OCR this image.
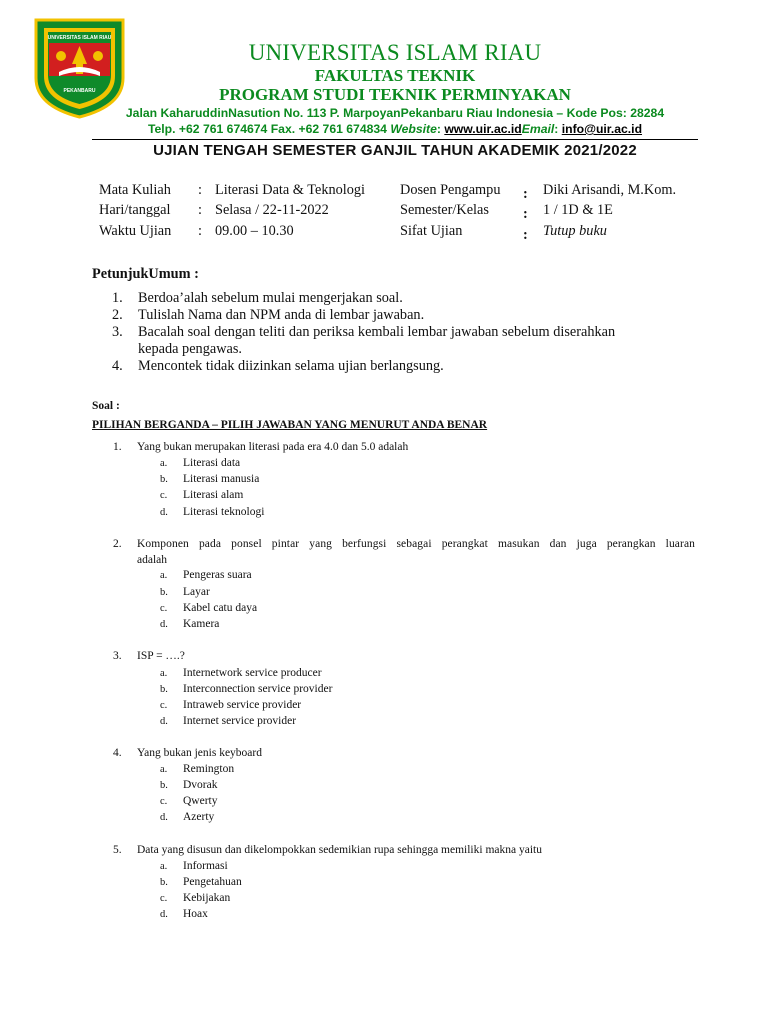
UNIVERSITAS ISLAM RIAU
PEKANBARU
UNIVERSITAS ISLAM RIAU
FAKULTAS TEKNIK
PROGRAM STUDI TEKNIK PERMINYAKAN
Jalan KaharuddinNasution No. 113 P. MarpoyanPekanbaru Riau Indonesia – Kode Pos: 28284
Telp. +62 761 674674 Fax. +62 761 674834 Website: www.uir.ac.idEmail: info@uir.ac.id
UJIAN TENGAH SEMESTER GANJIL TAHUN AKADEMIK 2021/2022
Mata Kuliah : Literasi Data & Teknologi
Hari/tanggal : Selasa / 22-11-2022
Waktu Ujian : 09.00 – 10.30
Dosen Pengampu : Diki Arisandi, M.Kom.
Semester/Kelas : 1 / 1D & 1E
Sifat Ujian	: Tutup buku
PetunjukUmum :
1. Berdoa’alah sebelum mulai mengerjakan soal.
2. Tulislah Nama dan NPM anda di lembar jawaban.
3. Bacalah soal dengan teliti dan periksa kembali lembar jawaban sebelum diserahkan
kepada pengawas.
4. Mencontek tidak diizinkan selama ujian berlangsung.
Soal :
PILIHAN BERGANDA – PILIH JAWABAN YANG MENURUT ANDA BENAR
1. Yang bukan merupakan literasi pada era 4.0 dan 5.0 adalah
a. Literasi data
b. Literasi manusia
c. Literasi alam
d. Literasi teknologi
2. Komponen pada ponsel pintar yang berfungsi sebagai perangkat masukan dan juga perangkan luaran
adalah
a. Pengeras suara
b. Layar
c. Kabel catu daya
d. Kamera
3. ISP = ….?
a. Internetwork service producer
b. Interconnection service provider
c. Intraweb service provider
d. Internet service provider
4. Yang bukan jenis keyboard
a. Remington
b. Dvorak
c. Qwerty
d. Azerty
5. Data yang disusun dan dikelompokkan sedemikian rupa sehingga memiliki makna yaitu
a. Informasi
b. Pengetahuan
c. Kebijakan
d. Hoax
